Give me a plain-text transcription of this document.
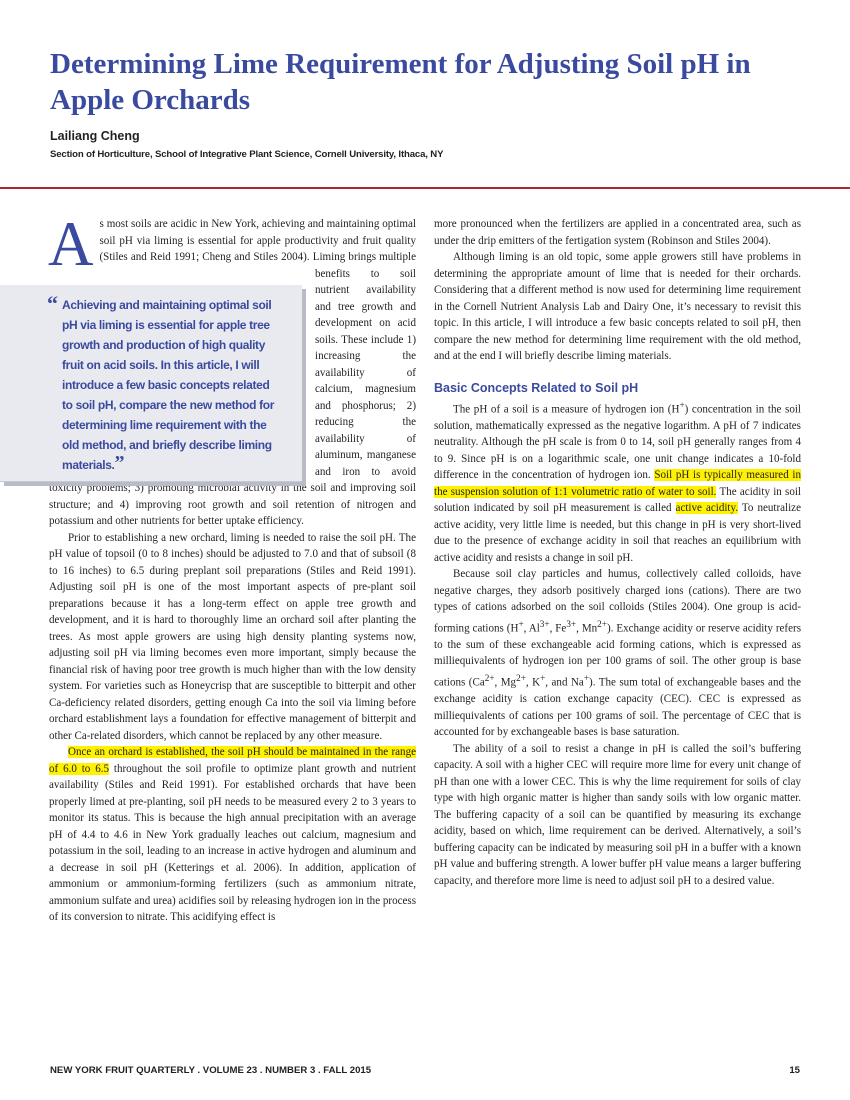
Determining Lime Requirement for Adjusting Soil pH in Apple Orchards
Lailiang Cheng
Section of Horticulture, School of Integrative Plant Science, Cornell University, Ithaca, NY

As most soils are acidic in New York, achieving and maintaining optimal soil pH via liming is essential for apple productivity and fruit quality (Stiles and Reid 1991; Cheng and Stiles 2004). Liming brings multiple benefits to soil nutrient availability and tree growth and development on acid soils. These include 1) increasing the availability of calcium, magnesium and phosphorus; 2) reducing the availability of aluminum, manganese and iron to avoid toxicity problems; 3) promoting microbial activity in the soil and improving soil structure; and 4) improving root growth and soil retention of nitrogen and potassium and other nutrients for better uptake efficiency.

Prior to establishing a new orchard, liming is needed to raise the soil pH. The pH value of topsoil (0 to 8 inches) should be adjusted to 7.0 and that of subsoil (8 to 16 inches) to 6.5 during preplant soil preparations (Stiles and Reid 1991). Adjusting soil pH is one of the most important aspects of pre-plant soil preparations because it has a long-term effect on apple tree growth and development, and it is hard to thoroughly lime an orchard soil after planting the trees. As most apple growers are using high density planting systems now, adjusting soil pH via liming becomes even more important, simply because the financial risk of having poor tree growth is much higher than with the low density system. For varieties such as Honeycrisp that are susceptible to bitterpit and other Ca-deficiency related disorders, getting enough Ca into the soil via liming before orchard establishment lays a foundation for effective management of bitterpit and other Ca-related disorders, which cannot be replaced by any other measure.

Once an orchard is established, the soil pH should be maintained in the range of 6.0 to 6.5 throughout the soil profile to optimize plant growth and nutrient availability (Stiles and Reid 1991). For established orchards that have been properly limed at pre-planting, soil pH needs to be measured every 2 to 3 years to monitor its status. This is because the high annual precipitation with an average pH of 4.4 to 4.6 in New York gradually leaches out calcium, magnesium and potassium in the soil, leading to an increase in active hydrogen and aluminum and a decrease in soil pH (Ketterings et al. 2006). In addition, application of ammonium or ammonium-forming fertilizers (such as ammonium nitrate, ammonium sulfate and urea) acidifies soil by releasing hydrogen ion in the process of its conversion to nitrate. This acidifying effect is

“ Achieving and maintaining optimal soil pH via liming is essential for apple tree growth and production of high quality fruit on acid soils. In this article, I will introduce a few basic concepts related to soil pH, compare the new method for determining lime requirement with the old method, and briefly describe liming materials.”

more pronounced when the fertilizers are applied in a concentrated area, such as under the drip emitters of the fertigation system (Robinson and Stiles 2004).

Although liming is an old topic, some apple growers still have problems in determining the appropriate amount of lime that is needed for their orchards. Considering that a different method is now used for determining lime requirement in the Cornell Nutrient Analysis Lab and Dairy One, it’s necessary to revisit this topic. In this article, I will introduce a few basic concepts related to soil pH, then compare the new method for determining lime requirement with the old method, and at the end I will briefly describe liming materials.

Basic Concepts Related to Soil pH

The pH of a soil is a measure of hydrogen ion (H+) concentration in the soil solution, mathematically expressed as the negative logarithm. A pH of 7 indicates neutrality. Although the pH scale is from 0 to 14, soil pH generally ranges from 4 to 9. Since pH is on a logarithmic scale, one unit change indicates a 10-fold difference in the concentration of hydrogen ion. Soil pH is typically measured in the suspension solution of 1:1 volumetric ratio of water to soil. The acidity in soil solution indicated by soil pH measurement is called active acidity. To neutralize active acidity, very little lime is needed, but this change in pH is very short-lived due to the presence of exchange acidity in soil that reaches an equilibrium with active acidity and resists a change in soil pH.

Because soil clay particles and humus, collectively called colloids, have negative charges, they adsorb positively charged ions (cations). There are two types of cations adsorbed on the soil colloids (Stiles 2004). One group is acid-forming cations (H+, $Al^{3+}$, $Fe^{3+}$, $Mn^{2+}$). Exchange acidity or reserve acidity refers to the sum of these exchangeable acid forming cations, which is expressed as milliequivalents of hydrogen ion per 100 grams of soil. The other group is base cations ($Ca^{2+}$, $Mg^{2+}$, K+, and Na+). The sum total of exchangeable bases and the exchange acidity is cation exchange capacity (CEC). CEC is expressed as milliequivalents of cations per 100 grams of soil. The percentage of CEC that is accounted for by exchangeable bases is base saturation.

The ability of a soil to resist a change in pH is called the soil’s buffering capacity. A soil with a higher CEC will require more lime for every unit change of pH than one with a lower CEC. This is why the lime requirement for soils of clay type with high organic matter is higher than sandy soils with low organic matter. The buffering capacity of a soil can be quantified by measuring its exchange acidity, based on which, lime requirement can be derived. Alternatively, a soil’s buffering capacity can be indicated by measuring soil pH in a buffer with a known pH value and buffering strength. A lower buffer pH value means a larger buffering capacity, and therefore more lime is need to adjust soil pH to a desired value.

NEW YORK FRUIT QUARTERLY . VOLUME 23 . NUMBER 3 . FALL 2015	15
